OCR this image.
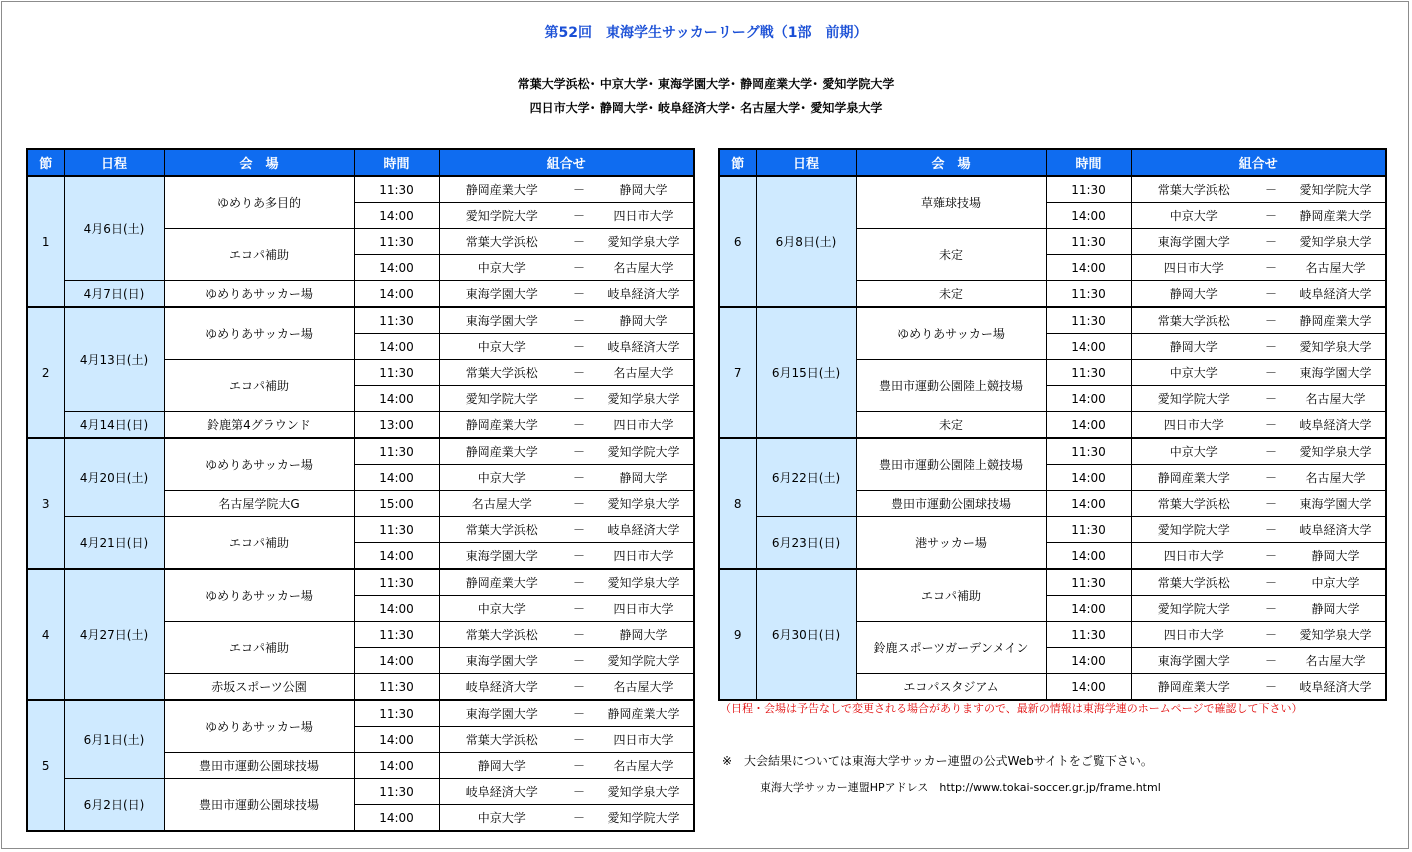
第52回　東海学生サッカーリーグ戦（1部　前期）
常葉大学浜松･ 中京大学･ 東海学園大学･ 静岡産業大学･ 愛知学院大学
四日市大学･ 静岡大学･ 岐阜経済大学･ 名古屋大学･ 愛知学泉大学
節	日程	会　場	時間	組合せ		
1	4月6日(土)	ゆめりあ多目的	11:30	静岡産業大学	－	静岡大学
			14:00	愛知学院大学	－	四日市大学
		エコパ補助	11:30	常葉大学浜松	－	愛知学泉大学
			14:00	中京大学	－	名古屋大学
	4月7日(日)	ゆめりあサッカー場	14:00	東海学園大学	－	岐阜経済大学
2	4月13日(土)	ゆめりあサッカー場	11:30	東海学園大学	－	静岡大学
			14:00	中京大学	－	岐阜経済大学
		エコパ補助	11:30	常葉大学浜松	－	名古屋大学
			14:00	愛知学院大学	－	愛知学泉大学
	4月14日(日)	鈴鹿第4グラウンド	13:00	静岡産業大学	－	四日市大学
3	4月20日(土)	ゆめりあサッカー場	11:30	静岡産業大学	－	愛知学院大学
			14:00	中京大学	－	静岡大学
		名古屋学院大G	15:00	名古屋大学	－	愛知学泉大学
	4月21日(日)	エコパ補助	11:30	常葉大学浜松	－	岐阜経済大学
			14:00	東海学園大学	－	四日市大学
4	4月27日(土)	ゆめりあサッカー場	11:30	静岡産業大学	－	愛知学泉大学
			14:00	中京大学	－	四日市大学
		エコパ補助	11:30	常葉大学浜松	－	静岡大学
			14:00	東海学園大学	－	愛知学院大学
		赤坂スポーツ公園	11:30	岐阜経済大学	－	名古屋大学
5	6月1日(土)	ゆめりあサッカー場	11:30	東海学園大学	－	静岡産業大学
			14:00	常葉大学浜松	－	四日市大学
		豊田市運動公園球技場	14:00	静岡大学	－	名古屋大学
	6月2日(日)	豊田市運動公園球技場	11:30	岐阜経済大学	－	愛知学泉大学
			14:00	中京大学	－	愛知学院大学
節	日程	会　場	時間	組合せ		
6	6月8日(土)	草薙球技場	11:30	常葉大学浜松	－	愛知学院大学
			14:00	中京大学	－	静岡産業大学
		未定	11:30	東海学園大学	－	愛知学泉大学
			14:00	四日市大学	－	名古屋大学
		未定	11:30	静岡大学	－	岐阜経済大学
7	6月15日(土)	ゆめりあサッカー場	11:30	常葉大学浜松	－	静岡産業大学
			14:00	静岡大学	－	愛知学泉大学
		豊田市運動公園陸上競技場	11:30	中京大学	－	東海学園大学
			14:00	愛知学院大学	－	名古屋大学
		未定	14:00	四日市大学	－	岐阜経済大学
8	6月22日(土)	豊田市運動公園陸上競技場	11:30	中京大学	－	愛知学泉大学
			14:00	静岡産業大学	－	名古屋大学
		豊田市運動公園球技場	14:00	常葉大学浜松	－	東海学園大学
	6月23日(日)	港サッカー場	11:30	愛知学院大学	－	岐阜経済大学
			14:00	四日市大学	－	静岡大学
9	6月30日(日)	エコパ補助	11:30	常葉大学浜松	－	中京大学
			14:00	愛知学院大学	－	静岡大学
		鈴鹿スポーツガーデンメイン	11:30	四日市大学	－	愛知学泉大学
			14:00	東海学園大学	－	名古屋大学
		エコパスタジアム	14:00	静岡産業大学	－	岐阜経済大学
（日程・会場は予告なしで変更される場合がありますので、最新の情報は東海学連のホームページで確認して下さい）
※　大会結果については東海大学サッカー連盟の公式Webサイトをご覧下さい。
東海大学サッカー連盟HPアドレス　http://www.tokai-soccer.gr.jp/frame.html
